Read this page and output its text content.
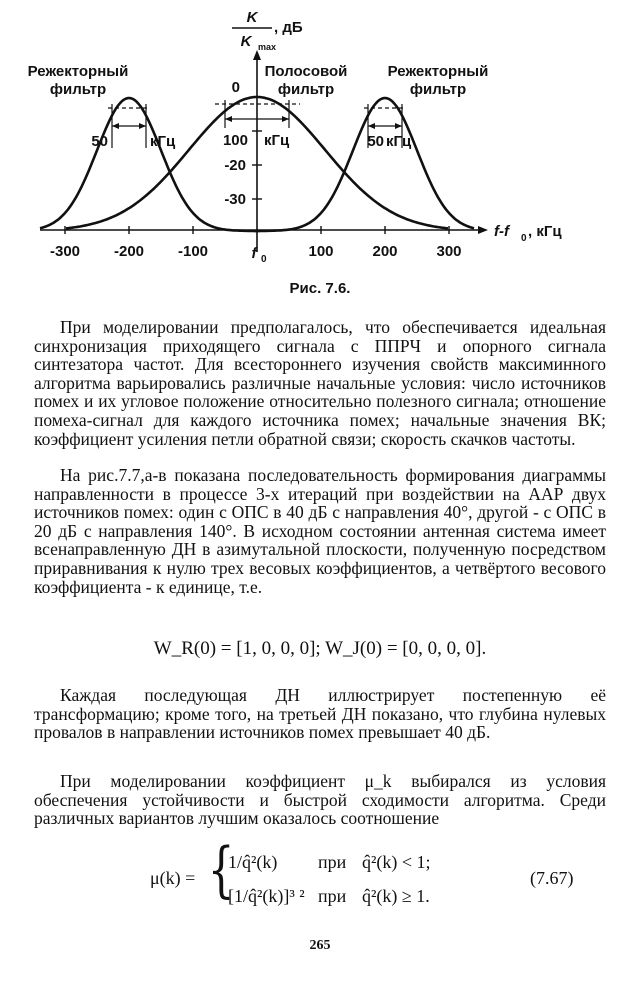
K
K max
, дБ
0
-20
-30
-300 -200 -100	f 0	100	200	300
f-f 0 , кГц
50	кГц	100 кГц	50 кГц
Режекторный
фильтр
Полосовой
фильтр
Режекторный
фильтр
Рис. 7.6.

При моделировании предполагалось, что обеспечивается идеальная синхронизация приходящего сигнала с ППРЧ и опорного сигнала синтезатора частот. Для всестороннего изучения свойств максиминного алгоритма варьировались различные начальные условия: число источников помех и их угловое положение относительно полезного сигнала; отношение помеха-сигнал для каждого источника помех; начальные значения ВК; коэффициент усиления петли обратной связи; скорость скачков частоты.

На рис.7.7,а-в показана последовательность формирования диаграммы направленности в процессе 3-х итераций при воздействии на ААР двух источников помех: один с ОПС в 40 дБ с направления 40°, другой - с ОПС в 20 дБ с направления 140°. В исходном состоянии антенная система имеет всенаправленную ДН в азимутальной плоскости, полученную посредством приравнивания к нулю трех весовых коэффициентов, а четвёртого весового коэффициента - к единице, т.е.

W_R(0) = [1, 0, 0, 0]; W_J(0) = [0, 0, 0, 0].

Каждая последующая ДН иллюстрирует постепенную её трансформацию; кроме того, на третьей ДН показано, что глубина нулевых провалов в направлении источников помех превышает 40 дБ.

При моделировании коэффициент μ_k выбирался из условия обеспечения устойчивости и быстрой сходимости алгоритма. Среди различных вариантов лучшим оказалось соотношение

μ(k) = {
1/q̂²(k)
[1/q̂²(k)]³ ²
при
при
q̂²(k) < 1;
q̂²(k) ≥ 1.
(7.67)
265
